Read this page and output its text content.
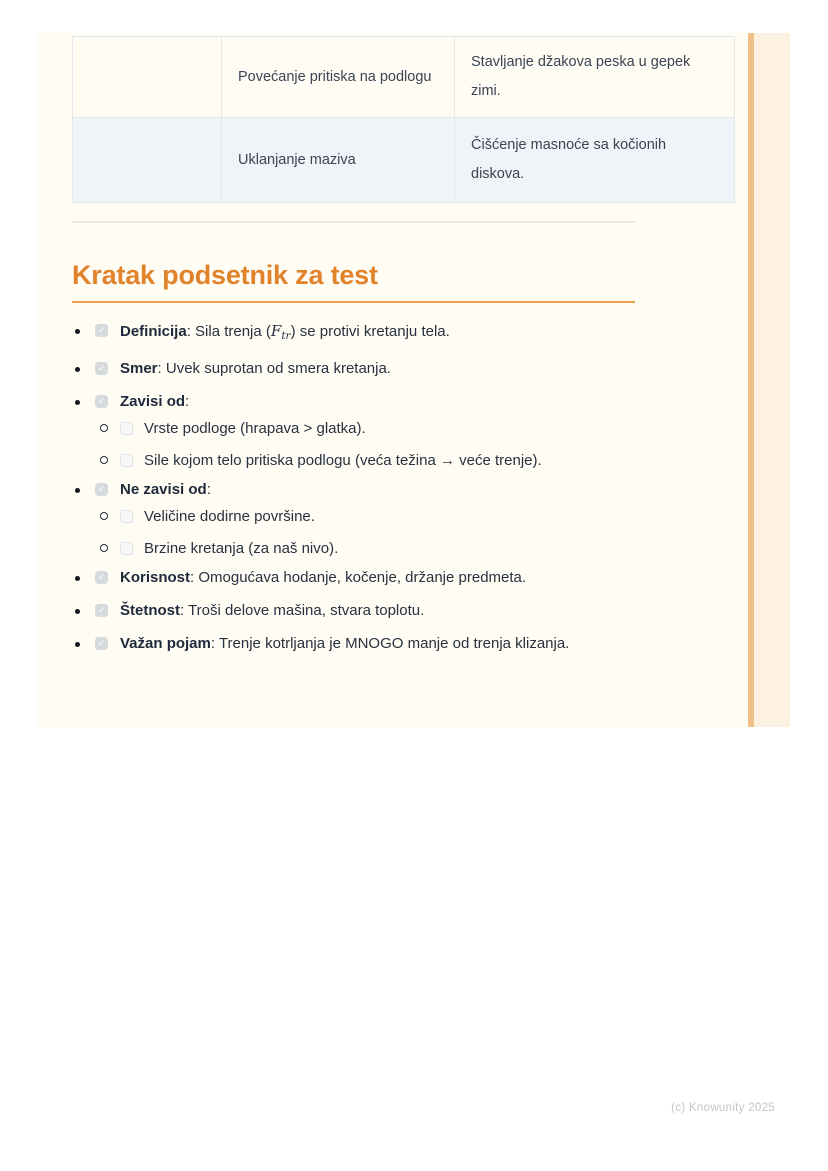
	Povećanje pritiska na podlogu	Stavljanje džakova peska u gepek zimi.
	Uklanjanje maziva	Čišćenje masnoće sa kočionih diskova.
Kratak podsetnik za test
✓ Definicija: Sila trenja $(F_{tr})$ se protivi kretanju tela.
✓ Smer: Uvek suprotan od smera kretanja.
✓ Zavisi od:
Vrste podloge (hrapava > glatka).
Sile kojom telo pritiska podlogu (veća težina → veće trenje).
✓ Ne zavisi od:
Veličine dodirne površine.
Brzine kretanja (za naš nivo).
✓ Korisnost: Omogućava hodanje, kočenje, držanje predmeta.
✓ Štetnost: Troši delove mašina, stvara toplotu.
✓ Važan pojam: Trenje kotrljanja je MNOGO manje od trenja klizanja.
(c) Knowunity 2025
